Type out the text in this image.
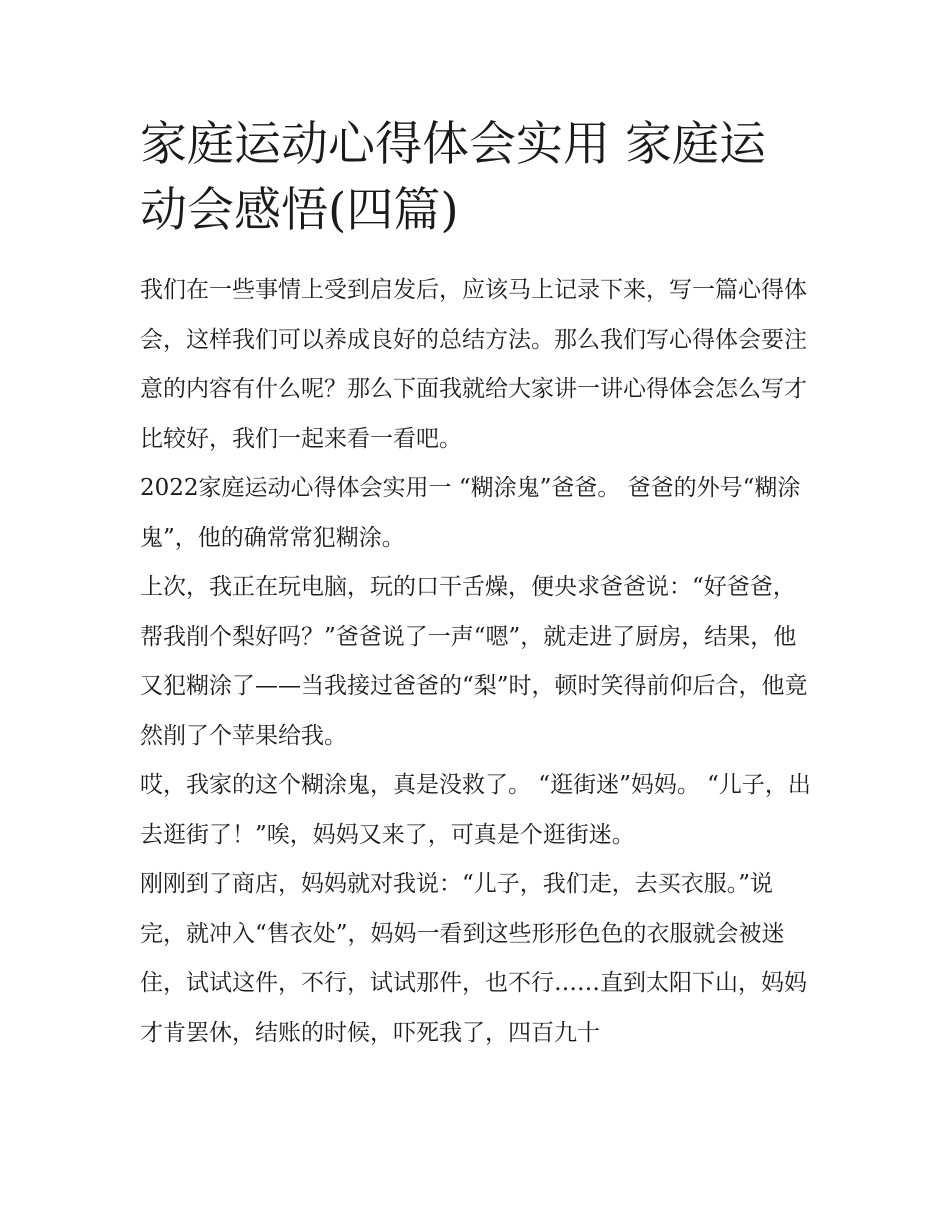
家庭运动心得体会实用 家庭运动会感悟(四篇)

我们在一些事情上受到启发后，应该马上记录下来，写一篇心得体会，这样我们可以养成良好的总结方法。那么我们写心得体会要注意的内容有什么呢？那么下面我就给大家讲一讲心得体会怎么写才比较好，我们一起来看一看吧。

2022家庭运动心得体会实用一 “糊涂鬼”爸爸。 爸爸的外号“糊涂鬼”，他的确常常犯糊涂。

上次，我正在玩电脑，玩的口干舌燥，便央求爸爸说：“好爸爸，帮我削个梨好吗？”爸爸说了一声“嗯”，就走进了厨房，结果，他又犯糊涂了——当我接过爸爸的“梨”时，顿时笑得前仰后合，他竟然削了个苹果给我。

哎，我家的这个糊涂鬼，真是没救了。 “逛街迷”妈妈。 “儿子，出去逛街了！”唉，妈妈又来了，可真是个逛街迷。

刚刚到了商店，妈妈就对我说：“儿子，我们走，去买衣服。”说完，就冲入“售衣处”，妈妈一看到这些形形色色的衣服就会被迷住，试试这件，不行，试试那件，也不行……直到太阳下山，妈妈才肯罢休，结账的时候，吓死我了，四百九十
